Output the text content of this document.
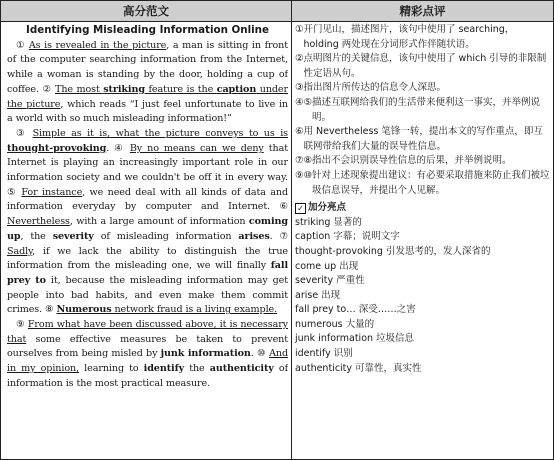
高分范文	精彩点评
Identifying Misleading Information Online

① As is revealed in the picture, a man is sitting in front of the computer searching information from the Internet, while a woman is standing by the door, holding a cup of coffee. ② The most striking feature is the caption under the picture, which reads “I just feel unfortunate to live in a world with so much misleading information!”

③ Simple as it is, what the picture conveys to us is thought-provoking. ④ By no means can we deny that Internet is playing an increasingly important role in our information society and we couldn't be off it in every way. ⑤ For instance, we need deal with all kinds of data and information everyday by computer and Internet. ⑥ Nevertheless, with a large amount of information coming up, the severity of misleading information arises. ⑦ Sadly, if we lack the ability to distinguish the true information from the misleading one, we will finally fall prey to it, because the misleading information may get people into bad habits, and even make them commit crimes. ⑧ Numerous network fraud is a living example.

⑨ From what have been discussed above, it is necessary that some effective measures be taken to prevent ourselves from being misled by junk information. ⑩ And in my opinion, learning to identify the authenticity of information is the most practical measure.

① 开门见山，描述图片，该句中使用了 searching， holding 两处现在分词形式作伴随状语。
② 点明图片的关键信息，该句中使用了 which 引导的非限制性定语从句。
③ 指出图片所传达的信息令人深思。
④⑤ 描述互联网给我们的生活带来便利这一事实，并举例说明。
⑥ 用 Nevertheless 笔锋一转，提出本文的写作重点，即互联网带给我们大量的误导性信息。
⑦⑧ 指出不会识别误导性信息的后果，并举例说明。
⑨⑩ 针对上述现象提出建议：有必要采取措施来防止我们被垃圾信息误导，并提出个人见解。
✓ 加分亮点
striking 显著的
caption 字幕；说明文字
thought-provoking 引发思考的，发人深省的
come up 出现
severity 严重性
arise 出现
fall prey to… 深受……之害
numerous 大量的
junk information 垃圾信息
identify 识别
authenticity 可靠性，真实性
